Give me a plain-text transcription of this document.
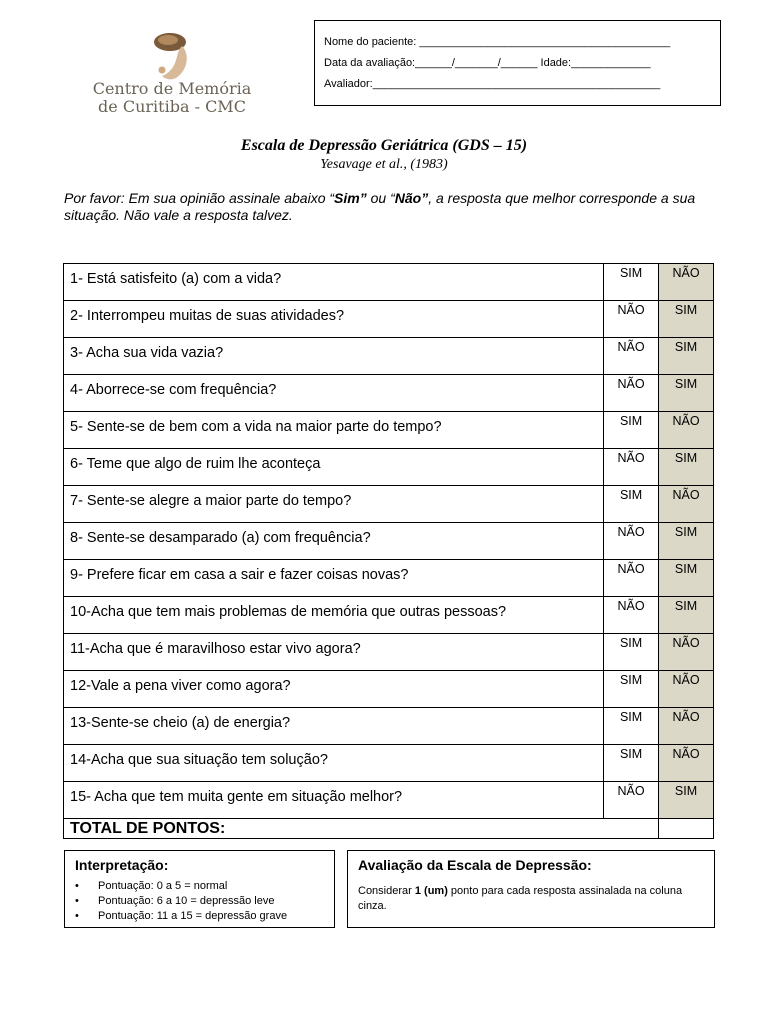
Centro de Memória
de Curitiba - CMC
Nome do paciente: _________________________________________
Data da avaliação:______/_______/______ Idade:_____________
Avaliador:_______________________________________________
Escala de Depressão Geriátrica (GDS – 15)
Yesavage et al., (1983)
Por favor: Em sua opinião assinale abaixo “Sim” ou “Não”, a resposta que melhor corresponde a sua situação. Não vale a resposta talvez.
1- Está satisfeito (a) com a vida?	SIM	NÃO
2- Interrompeu muitas de suas atividades?	NÃO	SIM
3- Acha sua vida vazia?	NÃO	SIM
4- Aborrece-se com frequência?	NÃO	SIM
5- Sente-se de bem com a vida na maior parte do tempo?	SIM	NÃO
6- Teme que algo de ruim lhe aconteça	NÃO	SIM
7- Sente-se alegre a maior parte do tempo?	SIM	NÃO
8- Sente-se desamparado (a) com frequência?	NÃO	SIM
9- Prefere ficar em casa a sair e fazer coisas novas?	NÃO	SIM
10-Acha que tem mais problemas de memória que outras pessoas?	NÃO	SIM
11-Acha que é maravilhoso estar vivo agora?	SIM	NÃO
12-Vale a pena viver como agora?	SIM	NÃO
13-Sente-se cheio (a) de energia?	SIM	NÃO
14-Acha que sua situação tem solução?	SIM	NÃO
15- Acha que tem muita gente em situação melhor?	NÃO	SIM
TOTAL DE PONTOS:		
Interpretação:
• Pontuação: 0 a 5 = normal
• Pontuação: 6 a 10 = depressão leve
• Pontuação: 11 a 15 = depressão grave
Avaliação da Escala de Depressão:
Considerar 1 (um) ponto para cada resposta assinalada na coluna cinza.
